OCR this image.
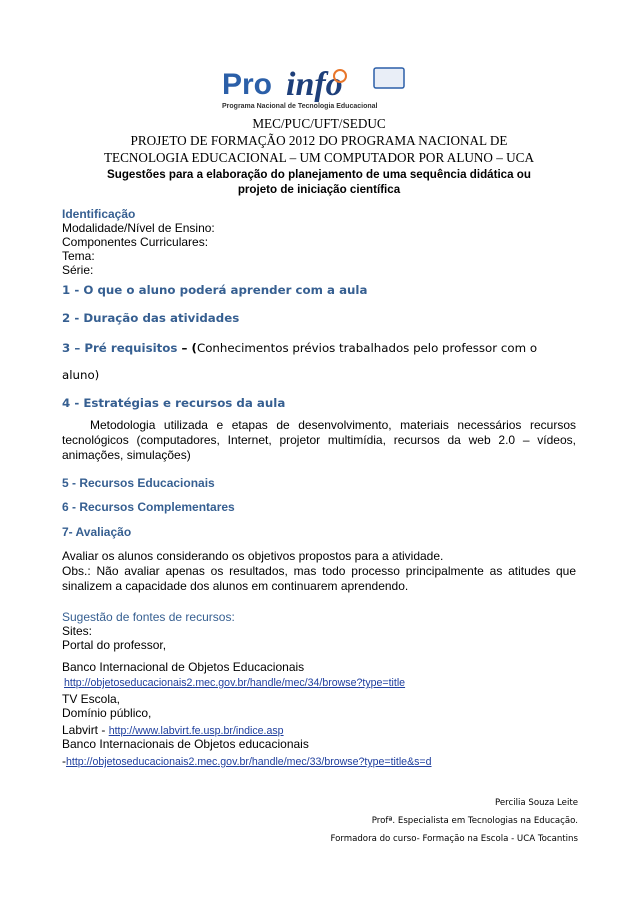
Pro info
Programa Nacional de Tecnologia Educacional
MEC/PUC/UFT/SEDUC
PROJETO DE FORMAÇÃO 2012 DO PROGRAMA NACIONAL DE
TECNOLOGIA EDUCACIONAL – UM COMPUTADOR POR ALUNO – UCA
Sugestões para a elaboração do planejamento de uma sequência didática ou
projeto de iniciação científica
Identificação
Modalidade/Nível de Ensino:
Componentes Curriculares:
Tema:
Série:
1 - O que o aluno poderá aprender com a aula
2 - Duração das atividades
3 – Pré requisitos – (Conhecimentos prévios trabalhados pelo professor com o
aluno)
4 - Estratégias e recursos da aula
Metodologia utilizada e etapas de desenvolvimento, materiais necessários recursos tecnológicos (computadores, Internet, projetor multimídia, recursos da web 2.0 – vídeos, animações, simulações)
5 - Recursos Educacionais
6 - Recursos Complementares
7- Avaliação
Avaliar os alunos considerando os objetivos propostos para a atividade.
Obs.: Não avaliar apenas os resultados, mas todo processo principalmente as atitudes que sinalizem a capacidade dos alunos em continuarem aprendendo.
Sugestão de fontes de recursos:
Sites:
Portal do professor,
Banco Internacional de Objetos Educacionais
http://objetoseducacionais2.mec.gov.br/handle/mec/34/browse?type=title
TV Escola,
Domínio público,
Labvirt - http://www.labvirt.fe.usp.br/indice.asp
Banco Internacionais de Objetos educacionais
-http://objetoseducacionais2.mec.gov.br/handle/mec/33/browse?type=title&s=d
Percilia Souza Leite
Profª. Especialista em Tecnologias na Educação.
Formadora do curso- Formação na Escola - UCA Tocantins
